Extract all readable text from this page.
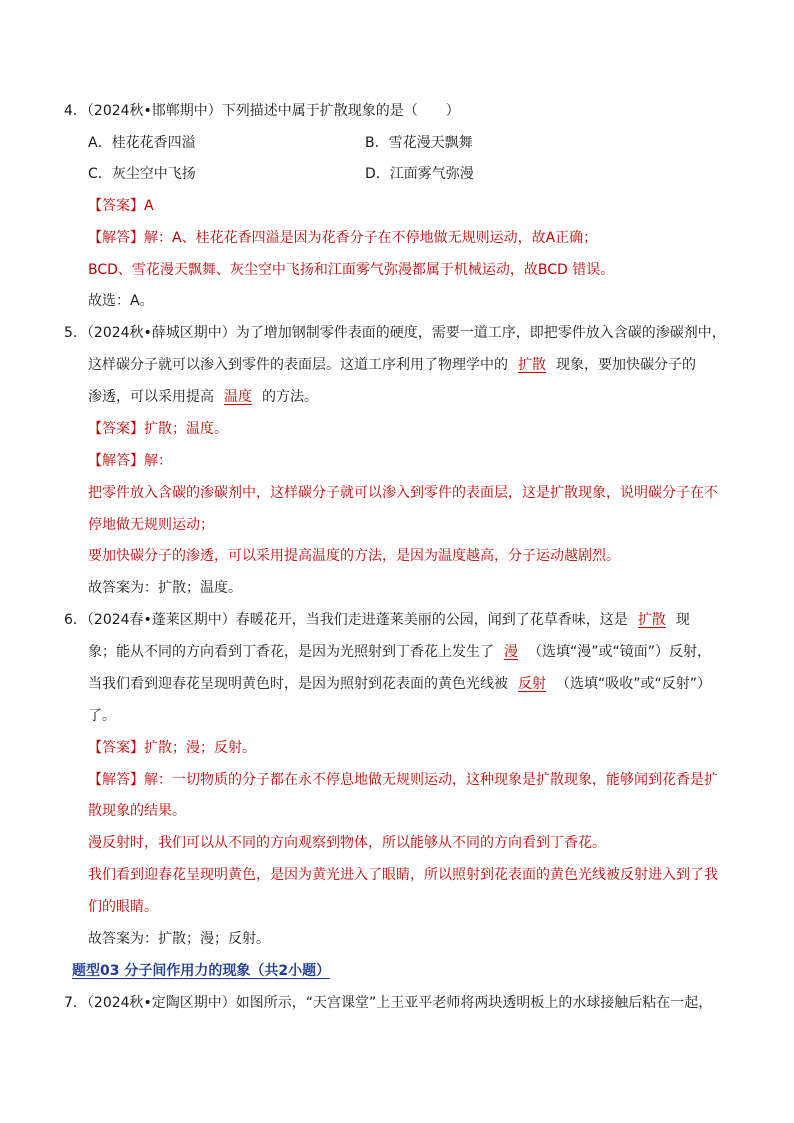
4．（2024秋•邯郸期中）下列描述中属于扩散现象的是（　　）
A．桂花花香四溢	B．雪花漫天飘舞
C．灰尘空中飞扬	D．江面雾气弥漫
【答案】A
【解答】解：A、桂花花香四溢是因为花香分子在不停地做无规则运动，故A正确；
BCD、雪花漫天飘舞、灰尘空中飞扬和江面雾气弥漫都属于机械运动，故BCD 错误。
故选：A。
5．（2024秋•薛城区期中）为了增加钢制零件表面的硬度，需要一道工序，即把零件放入含碳的渗碳剂中，
这样碳分子就可以渗入到零件的表面层。这道工序利用了物理学中的 扩散 现象，要加快碳分子的
渗透，可以采用提高 温度 的方法。
【答案】扩散；温度。
【解答】解：
把零件放入含碳的渗碳剂中，这样碳分子就可以渗入到零件的表面层，这是扩散现象，说明碳分子在不
停地做无规则运动；
要加快碳分子的渗透，可以采用提高温度的方法，是因为温度越高，分子运动越剧烈。
故答案为：扩散；温度。
6．（2024春•蓬莱区期中）春暖花开，当我们走进蓬莱美丽的公园，闻到了花草香味，这是 扩散 现
象；能从不同的方向看到丁香花，是因为光照射到丁香花上发生了 漫 （选填“漫”或“镜面”）反射，
当我们看到迎春花呈现明黄色时，是因为照射到花表面的黄色光线被 反射 （选填“吸收”或“反射”）
了。
【答案】扩散；漫；反射。
【解答】解：一切物质的分子都在永不停息地做无规则运动，这种现象是扩散现象，能够闻到花香是扩
散现象的结果。
漫反射时，我们可以从不同的方向观察到物体，所以能够从不同的方向看到丁香花。
我们看到迎春花呈现明黄色，是因为黄光进入了眼睛，所以照射到花表面的黄色光线被反射进入到了我
们的眼睛。
故答案为：扩散；漫；反射。
题型03 分子间作用力的现象（共2小题）
7．（2024秋•定陶区期中）如图所示，“天宫课堂”上王亚平老师将两块透明板上的水球接触后粘在一起，
